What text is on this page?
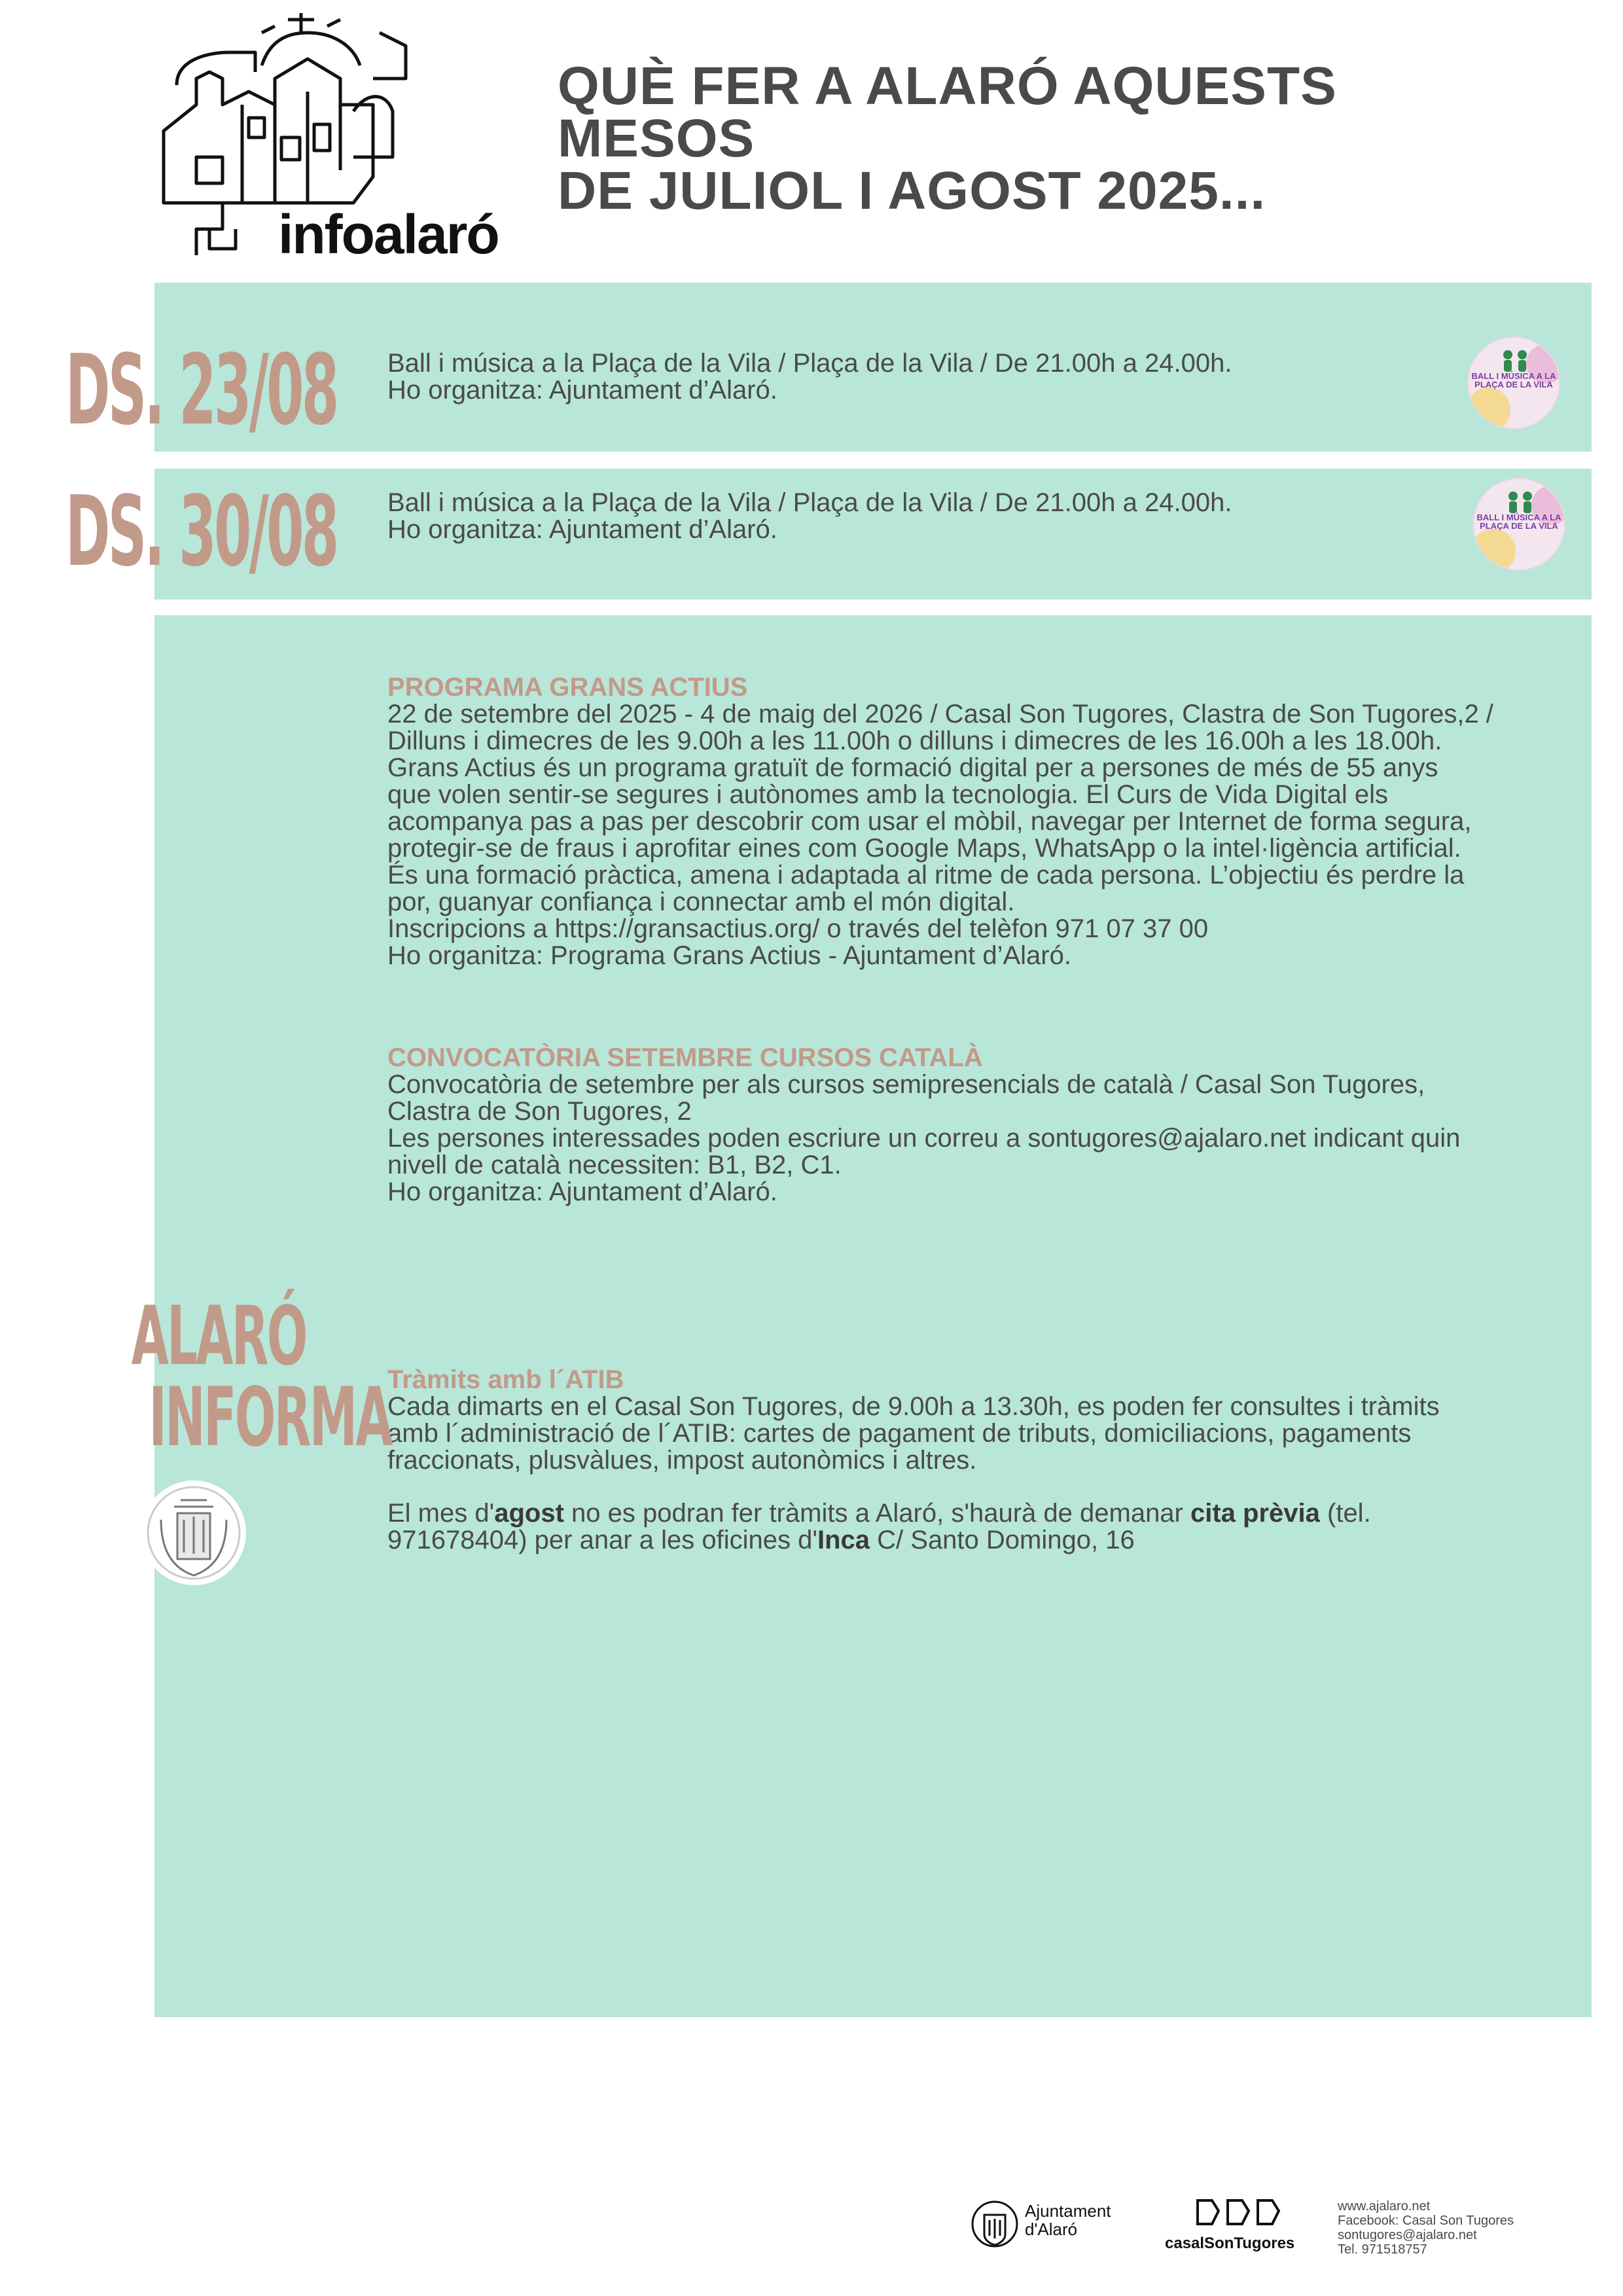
infoalaró
QUÈ FER A ALARÓ AQUESTS MESOS
DE JULIOL I AGOST 2025...
DS. 23/08 Ball i música a la Plaça de la Vila / Plaça de la Vila / De 21.00h a 24.00h.
Ho organitza: Ajuntament d’Alaró.	BALL I MÚSICA A LA PLAÇA DE LA VILA
DS. 30/08 Ball i música a la Plaça de la Vila / Plaça de la Vila / De 21.00h a 24.00h.
Ho organitza: Ajuntament d’Alaró.	BALL I MÚSICA A LA PLAÇA DE LA VILA
PROGRAMA GRANS ACTIUS
22 de setembre del 2025 - 4 de maig del 2026 / Casal Son Tugores, Clastra de Son Tugores,2 /
Dilluns i dimecres de les 9.00h a les 11.00h o dilluns i dimecres de les 16.00h a les 18.00h.
Grans Actius és un programa gratuït de formació digital per a persones de més de 55 anys
que volen sentir-se segures i autònomes amb la tecnologia. El Curs de Vida Digital els
acompanya pas a pas per descobrir com usar el mòbil, navegar per Internet de forma segura,
protegir-se de fraus i aprofitar eines com Google Maps, WhatsApp o la intel·ligència artificial.
És una formació pràctica, amena i adaptada al ritme de cada persona. L’objectiu és perdre la
por, guanyar confiança i connectar amb el món digital.
Inscripcions a https://gransactius.org/ o través del telèfon 971 07 37 00
Ho organitza: Programa Grans Actius - Ajuntament d’Alaró.
CONVOCATÒRIA SETEMBRE CURSOS CATALÀ
Convocatòria de setembre per als cursos semipresencials de català / Casal Son Tugores,
Clastra de Son Tugores, 2
Les persones interessades poden escriure un correu a sontugores@ajalaro.net indicant quin
nivell de català necessiten: B1, B2, C1.
Ho organitza: Ajuntament d’Alaró.
Tràmits amb l´ATIB
Cada dimarts en el Casal Son Tugores, de 9.00h a 13.30h, es poden fer consultes i tràmits
amb l´administració de l´ATIB: cartes de pagament de tributs, domiciliacions, pagaments
fraccionats, plusvàlues, impost autonòmics i altres.

El mes d'agost no es podran fer tràmits a Alaró, s'haurà de demanar cita prèvia (tel.
971678404) per anar a les oficines d'Inca C/ Santo Domingo, 16

ALARÓ
INFORMA
Ajuntament
d'Alaró
casalSonTugores
www.ajalaro.net
Facebook: Casal Son Tugores
sontugores@ajalaro.net
Tel. 971518757
